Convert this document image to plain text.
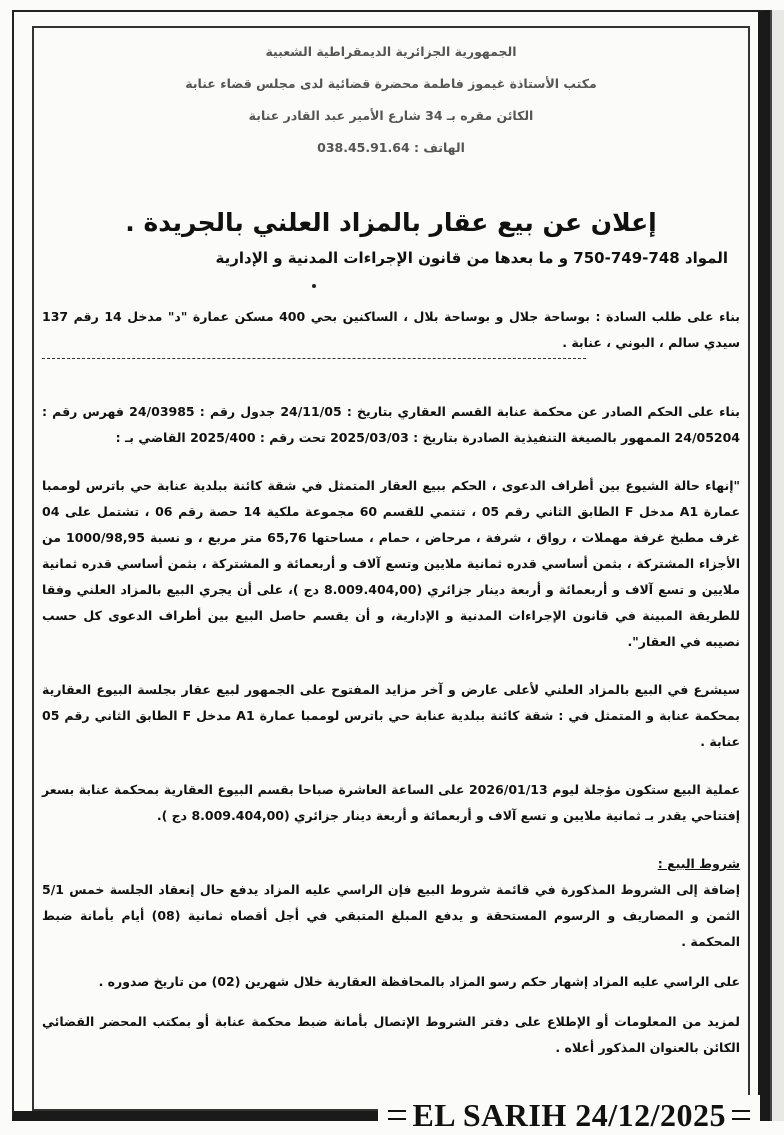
الجمهورية الجزائرية الديمقراطية الشعبية
مكتب الأستاذة غيموز فاطمة محضرة قضائية لدى مجلس قضاء عنابة
الكائن مقره بـ 34 شارع الأمير عبد القادر عنابة
الهاتف : 038.45.91.64
إعلان عن بيع عقار بالمزاد العلني بالجريدة .
المواد 748-749-750 و ما بعدها من قانون الإجراءات المدنية و الإدارية
بناء على طلب السادة : بوساحة جلال و بوساحة بلال ، الساكنين بحي 400 مسكن عمارة "د" مدخل 14 رقم 137 سيدي سالم ، البوني ، عنابة .
بناء على الحكم الصادر عن محكمة عنابة القسم العقاري بتاريخ : 24/11/05 جدول رقم : 24/03985 فهرس رقم : 24/05204 الممهور بالصيغة التنفيذية الصادرة بتاريخ : 2025/03/03 تحت رقم : 2025/400 القاضي بـ :
"إنهاء حالة الشيوع بين أطراف الدعوى ، الحكم ببيع العقار المتمثل في شقة كائنة ببلدية عنابة حي باترس لوممبا عمارة A1 مدخل F الطابق الثاني رقم 05 ، تنتمي للقسم 60 مجموعة ملكية 14 حصة رقم 06 ، تشتمل على 04 غرف مطبخ غرفة مهملات ، رواق ، شرفة ، مرحاض ، حمام ، مساحتها 65,76 متر مربع ، و نسبة 1000/98,95 من الأجزاء المشتركة ، بثمن أساسي قدره ثمانية ملايين وتسع آلاف و أربعمائة و المشتركة ، بثمن أساسي قدره ثمانية ملايين و تسع آلاف و أربعمائة و أربعة دينار جزائري (8.009.404,00 دج )، على أن يجري البيع بالمزاد العلني وفقا للطريقة المبينة في قانون الإجراءات المدنية و الإدارية، و أن يقسم حاصل البيع بين أطراف الدعوى كل حسب نصيبه في العقار".
سيشرع في البيع بالمزاد العلني لأعلى عارض و آخر مزايد المفتوح على الجمهور لبيع عقار بجلسة البيوع العقارية بمحكمة عنابة و المتمثل في : شقة كائنة ببلدية عنابة حي باترس لوممبا عمارة A1 مدخل F الطابق الثاني رقم 05 عنابة .
عملية البيع ستكون مؤجلة ليوم 2026/01/13 على الساعة العاشرة صباحا بقسم البيوع العقارية بمحكمة عنابة بسعر إفتتاحي يقدر بـ ثمانية ملايين و تسع آلاف و أربعمائة و أربعة دينار جزائري (8.009.404,00 دج ).
شروط البيع :
إضافة إلى الشروط المذكورة في قائمة شروط البيع فإن الراسي عليه المزاد يدفع حال إنعقاد الجلسة خمس 5/1 الثمن و المصاريف و الرسوم المستحقة و يدفع المبلغ المتبقي في أجل أقصاه ثمانية (08) أيام بأمانة ضبط المحكمة .
على الراسي عليه المزاد إشهار حكم رسو المزاد بالمحافظة العقارية خلال شهرين (02) من تاريخ صدوره .
لمزيد من المعلومات أو الإطلاع على دفتر الشروط الإتصال بأمانة ضبط محكمة عنابة أو بمكتب المحضر القضائي الكائن بالعنوان المذكور أعلاه .
EL SARIH 24/12/2025
